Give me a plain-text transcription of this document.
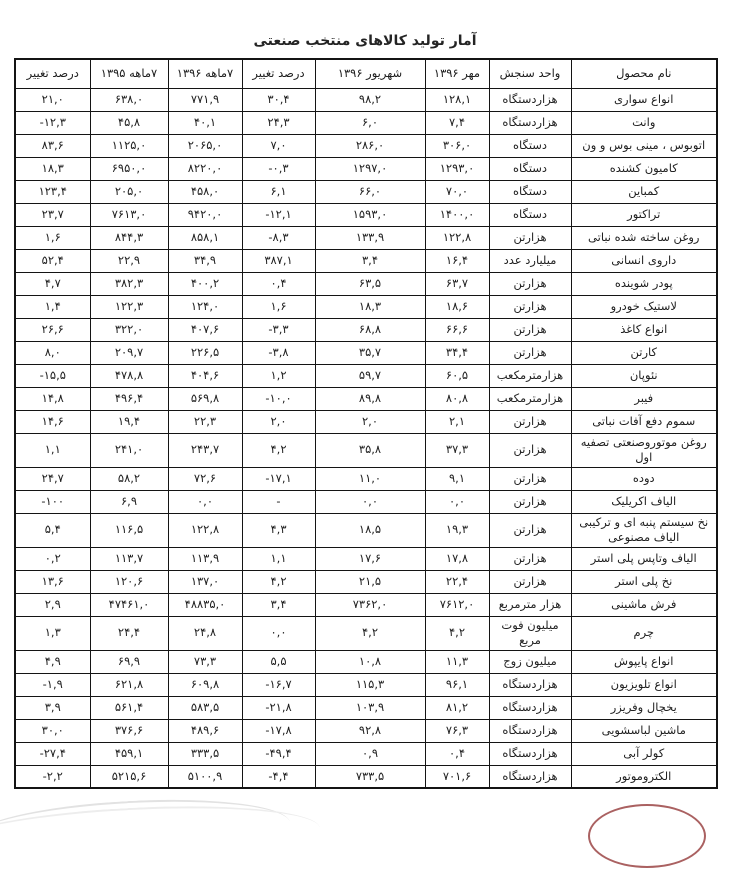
آمار تولید کالاهای منتخب صنعتی
نام محصول	واحد سنجش	مهر ۱۳۹۶	شهریور ۱۳۹۶	درصد تغییر	۷ماهه ۱۳۹۶	۷ماهه ۱۳۹۵	درصد تغییر
انواع سواری	هزاردستگاه	۱۲۸,۱	۹۸,۲	۳۰,۴	۷۷۱,۹	۶۳۸,۰	۲۱,۰
وانت	هزاردستگاه	۷,۴	۶,۰	۲۴,۳	۴۰,۱	۴۵,۸	-۱۲,۳
اتوبوس ، مینی بوس و ون	دستگاه	۳۰۶,۰	۲۸۶,۰	۷,۰	۲۰۶۵,۰	۱۱۲۵,۰	۸۳,۶
کامیون کشنده	دستگاه	۱۲۹۳,۰	۱۲۹۷,۰	-۰,۳	۸۲۲۰,۰	۶۹۵۰,۰	۱۸,۳
کمباین	دستگاه	۷۰,۰	۶۶,۰	۶,۱	۴۵۸,۰	۲۰۵,۰	۱۲۳,۴
تراکتور	دستگاه	۱۴۰۰,۰	۱۵۹۳,۰	-۱۲,۱	۹۴۲۰,۰	۷۶۱۳,۰	۲۳,۷
روغن ساخته شده نباتی	هزارتن	۱۲۲,۸	۱۳۳,۹	-۸,۳	۸۵۸,۱	۸۴۴,۳	۱,۶
داروی انسانی	میلیارد عدد	۱۶,۴	۳,۴	۳۸۷,۱	۳۴,۹	۲۲,۹	۵۲,۴
پودر شوینده	هزارتن	۶۳,۷	۶۳,۵	۰,۴	۴۰۰,۲	۳۸۲,۳	۴,۷
لاستیک خودرو	هزارتن	۱۸,۶	۱۸,۳	۱,۶	۱۲۴,۰	۱۲۲,۳	۱,۴
انواع کاغذ	هزارتن	۶۶,۶	۶۸,۸	-۳,۳	۴۰۷,۶	۳۲۲,۰	۲۶,۶
کارتن	هزارتن	۳۴,۴	۳۵,۷	-۳,۸	۲۲۶,۵	۲۰۹,۷	۸,۰
نئوپان	هزارمترمکعب	۶۰,۵	۵۹,۷	۱,۲	۴۰۴,۶	۴۷۸,۸	-۱۵,۵
فیبر	هزارمترمکعب	۸۰,۸	۸۹,۸	-۱۰,۰	۵۶۹,۸	۴۹۶,۴	۱۴,۸
سموم دفع آفات نباتی	هزارتن	۲,۱	۲,۰	۲,۰	۲۲,۳	۱۹,۴	۱۴,۶
روغن موتوروصنعتی تصفیه اول	هزارتن	۳۷,۳	۳۵,۸	۴,۲	۲۴۳,۷	۲۴۱,۰	۱,۱
دوده	هزارتن	۹,۱	۱۱,۰	-۱۷,۱	۷۲,۶	۵۸,۲	۲۴,۷
الیاف اکریلیک	هزارتن	۰,۰	۰,۰	-	۰,۰	۶,۹	-۱۰۰
نخ سیستم پنبه ای و ترکیبی الیاف مصنوعی	هزارتن	۱۹,۳	۱۸,۵	۴,۳	۱۲۲,۸	۱۱۶,۵	۵,۴
الیاف وتاپس پلی استر	هزارتن	۱۷,۸	۱۷,۶	۱,۱	۱۱۳,۹	۱۱۳,۷	۰,۲
نخ پلی استر	هزارتن	۲۲,۴	۲۱,۵	۴,۲	۱۳۷,۰	۱۲۰,۶	۱۳,۶
فرش ماشینی	هزار مترمربع	۷۶۱۲,۰	۷۳۶۲,۰	۳,۴	۴۸۸۳۵,۰	۴۷۴۶۱,۰	۲,۹
چرم	میلیون فوت مربع	۴,۲	۴,۲	۰,۰	۲۴,۸	۲۴,۴	۱,۳
انواع پایپوش	میلیون زوج	۱۱,۳	۱۰,۸	۵,۵	۷۳,۳	۶۹,۹	۴,۹
انواع تلویزیون	هزاردستگاه	۹۶,۱	۱۱۵,۳	-۱۶,۷	۶۰۹,۸	۶۲۱,۸	-۱,۹
یخچال وفریزر	هزاردستگاه	۸۱,۲	۱۰۳,۹	-۲۱,۸	۵۸۳,۵	۵۶۱,۴	۳,۹
ماشین لباسشویی	هزاردستگاه	۷۶,۳	۹۲,۸	-۱۷,۸	۴۸۹,۶	۳۷۶,۶	۳۰,۰
کولر آبی	هزاردستگاه	۰,۴	۰,۹	-۴۹,۴	۳۳۳,۵	۴۵۹,۱	-۲۷,۴
الکتروموتور	هزاردستگاه	۷۰۱,۶	۷۳۳,۵	-۴,۴	۵۱۰۰,۹	۵۲۱۵,۶	-۲,۲
